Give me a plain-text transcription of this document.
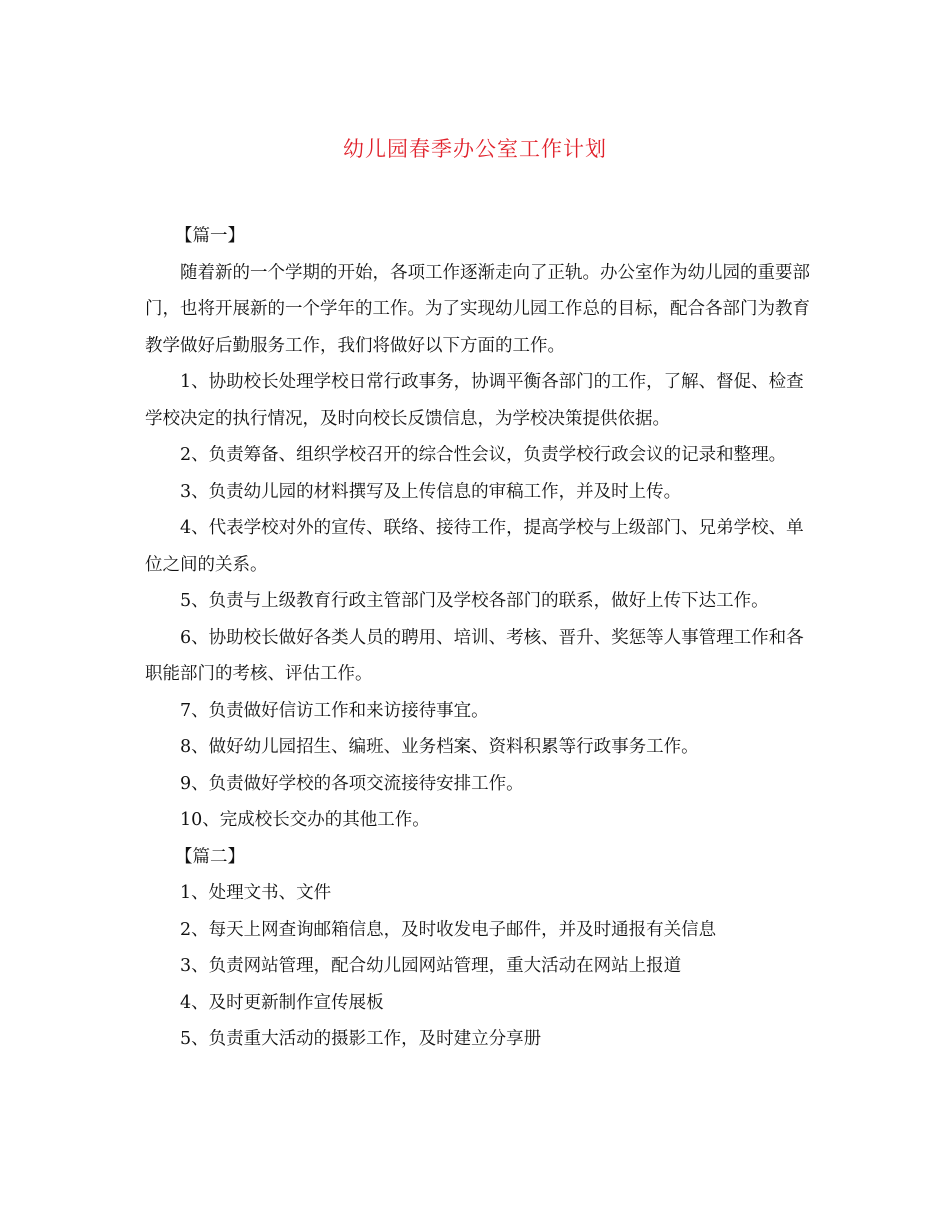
幼儿园春季办公室工作计划

【篇一】

随着新的一个学期的开始，各项工作逐渐走向了正轨。办公室作为幼儿园的重要部门，也将开展新的一个学年的工作。为了实现幼儿园工作总的目标，配合各部门为教育教学做好后勤服务工作，我们将做好以下方面的工作。

1、协助校长处理学校日常行政事务，协调平衡各部门的工作，了解、督促、检查学校决定的执行情况，及时向校长反馈信息，为学校决策提供依据。

2、负责筹备、组织学校召开的综合性会议，负责学校行政会议的记录和整理。

3、负责幼儿园的材料撰写及上传信息的审稿工作，并及时上传。

4、代表学校对外的宣传、联络、接待工作，提高学校与上级部门、兄弟学校、单位之间的关系。

5、负责与上级教育行政主管部门及学校各部门的联系，做好上传下达工作。

6、协助校长做好各类人员的聘用、培训、考核、晋升、奖惩等人事管理工作和各职能部门的考核、评估工作。

7、负责做好信访工作和来访接待事宜。

8、做好幼儿园招生、编班、业务档案、资料积累等行政事务工作。

9、负责做好学校的各项交流接待安排工作。

10、完成校长交办的其他工作。

【篇二】

1、处理文书、文件

2、每天上网查询邮箱信息，及时收发电子邮件，并及时通报有关信息

3、负责网站管理，配合幼儿园网站管理，重大活动在网站上报道

4、及时更新制作宣传展板

5、负责重大活动的摄影工作，及时建立分享册
